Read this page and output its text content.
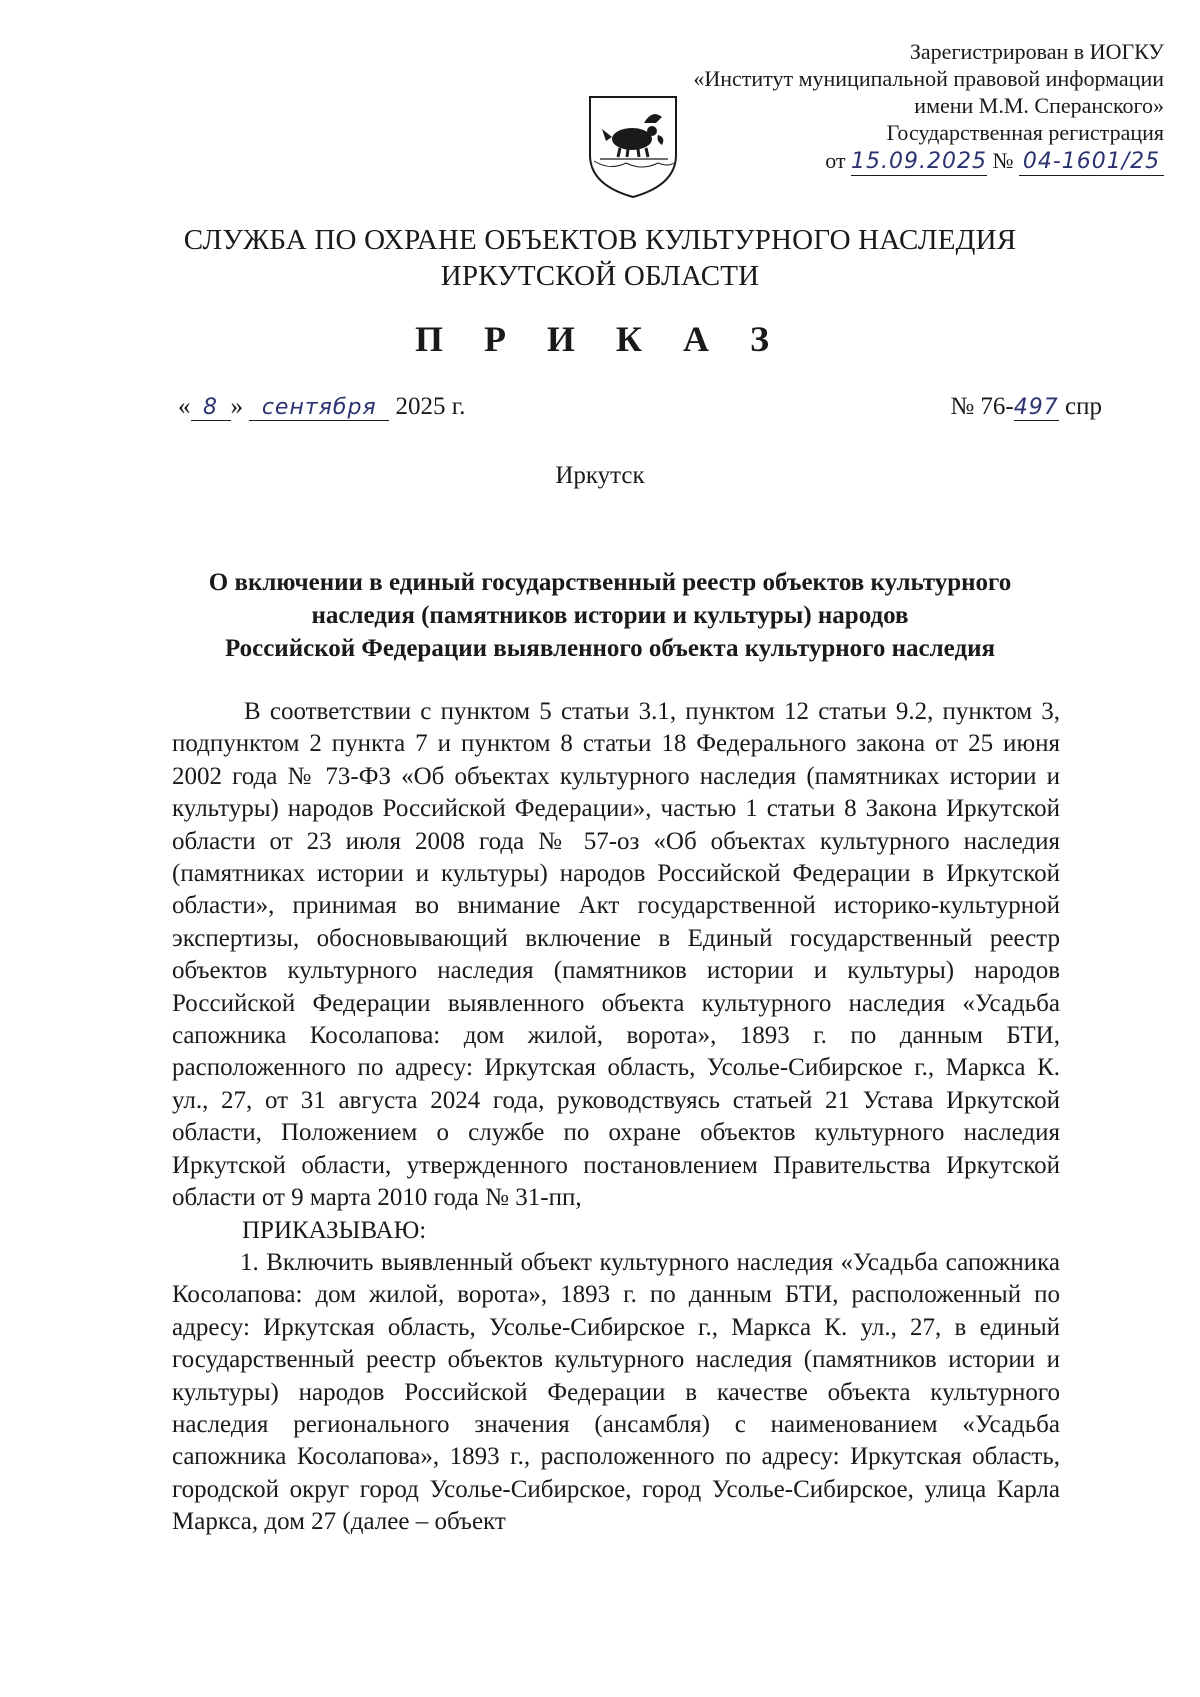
Зарегистрирован в ИОГКУ
«Институт муниципальной правовой информации
имени М.М. Сперанского»
Государственная регистрация
от 15.09.2025 № 04-1601/25
СЛУЖБА ПО ОХРАНЕ ОБЪЕКТОВ КУЛЬТУРНОГО НАСЛЕДИЯ
ИРКУТСКОЙ ОБЛАСТИ
П Р И К А З
« 8 » сентября 2025 г.	№ 76-497 спр
Иркутск
О включении в единый государственный реестр объектов культурного
наследия (памятников истории и культуры) народов
Российской Федерации выявленного объекта культурного наследия

В соответствии с пунктом 5 статьи 3.1, пунктом 12 статьи 9.2, пунктом 3, подпунктом 2 пункта 7 и пунктом 8 статьи 18 Федерального закона от 25 июня 2002 года № 73-ФЗ «Об объектах культурного наследия (памятниках истории и культуры) народов Российской Федерации», частью 1 статьи 8 Закона Иркутской области от 23 июля 2008 года № 57-оз «Об объектах культурного наследия (памятниках истории и культуры) народов Российской Федерации в Иркутской области», принимая во внимание Акт государственной историко-культурной экспертизы, обосновывающий включение в Единый государственный реестр объектов культурного наследия (памятников истории и культуры) народов Российской Федерации выявленного объекта культурного наследия «Усадьба сапожника Косолапова: дом жилой, ворота», 1893 г. по данным БТИ, расположенного по адресу: Иркутская область, Усолье-Сибирское г., Маркса К. ул., 27, от 31 августа 2024 года, руководствуясь статьей 21 Устава Иркутской области, Положением о службе по охране объектов культурного наследия Иркутской области, утвержденного постановлением Правительства Иркутской области от 9 марта 2010 года № 31-пп,

ПРИКАЗЫВАЮ:

1. Включить выявленный объект культурного наследия «Усадьба сапожника Косолапова: дом жилой, ворота», 1893 г. по данным БТИ, расположенный по адресу: Иркутская область, Усолье-Сибирское г., Маркса К. ул., 27, в единый государственный реестр объектов культурного наследия (памятников истории и культуры) народов Российской Федерации в качестве объекта культурного наследия регионального значения (ансамбля) с наименованием «Усадьба сапожника Косолапова», 1893 г., расположенного по адресу: Иркутская область, городской округ город Усолье-Сибирское, город Усолье-Сибирское, улица Карла Маркса, дом 27 (далее – объект
